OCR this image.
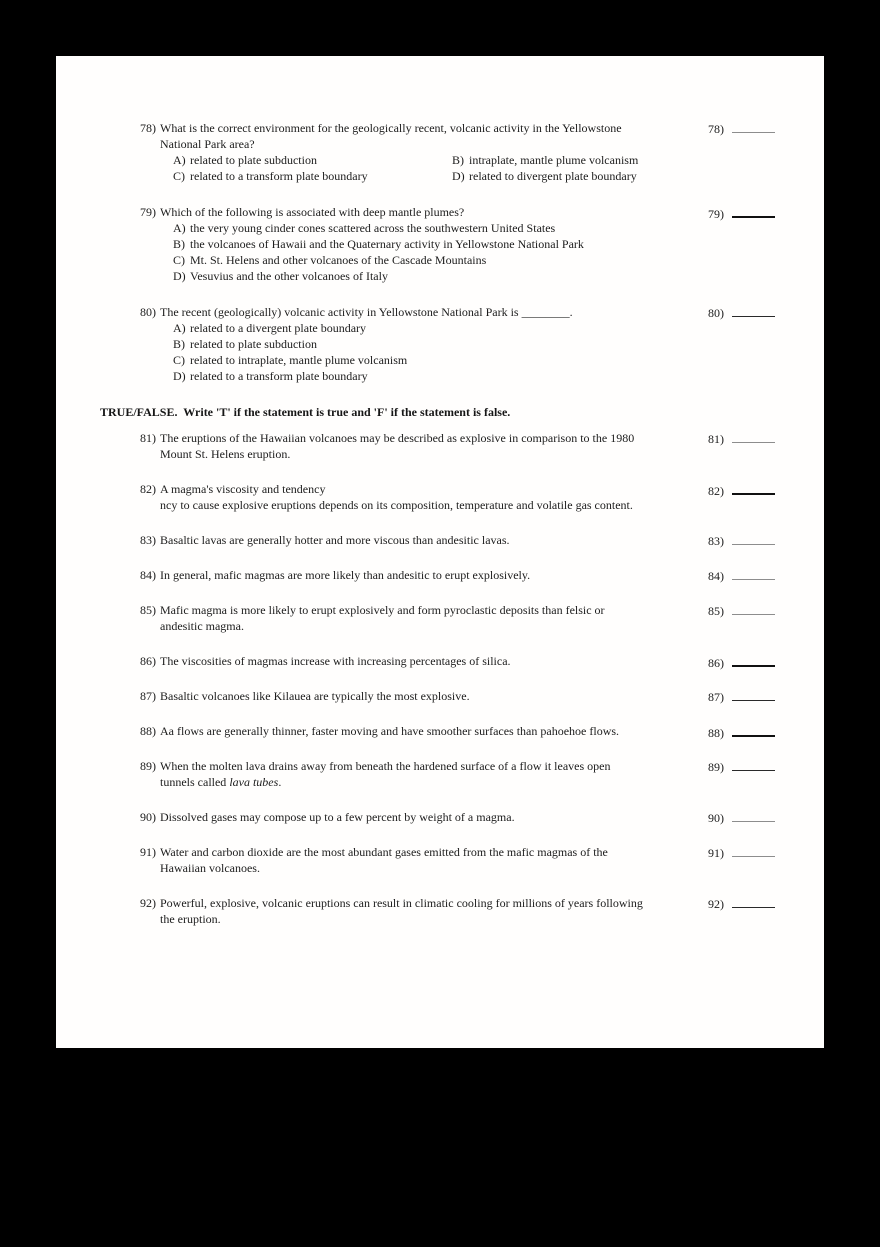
78) What is the correct environment for the geologically recent, volcanic activity in the Yellowstone
National Park area?
A) related to plate subduction	B) intraplate, mantle plume volcanism
C) related to a transform plate boundary	D) related to divergent plate boundary
78)
79) Which of the following is associated with deep mantle plumes?
A) the very young cinder cones scattered across the southwestern United States
B) the volcanoes of Hawaii and the Quaternary activity in Yellowstone National Park
C) Mt. St. Helens and other volcanoes of the Cascade Mountains
D) Vesuvius and the other volcanoes of Italy
79)
80) The recent (geologically) volcanic activity in Yellowstone National Park is ________.
A) related to a divergent plate boundary
B) related to plate subduction
C) related to intraplate, mantle plume volcanism
D) related to a transform plate boundary
80)
TRUE/FALSE.  Write 'T' if the statement is true and 'F' if the statement is false.
81) The eruptions of the Hawaiian volcanoes may be described as explosive in comparison to the 1980
Mount St. Helens eruption.
81)
82) A magma's viscosity and tendency
ncy to cause explosive eruptions depends on its composition, temperature and volatile gas content.
82)
83) Basaltic lavas are generally hotter and more viscous than andesitic lavas.	83)
84) In general, mafic magmas are more likely than andesitic to erupt explosively.	84)
85) Mafic magma is more likely to erupt explosively and form pyroclastic deposits than felsic or
andesitic magma.
85)
86) The viscosities of magmas increase with increasing percentages of silica.	86)
87) Basaltic volcanoes like Kilauea are typically the most explosive.	87)
88) Aa flows are generally thinner, faster moving and have smoother surfaces than pahoehoe flows.	88)
89) When the molten lava drains away from beneath the hardened surface of a flow it leaves open
tunnels called lava tubes.
89)
90) Dissolved gases may compose up to a few percent by weight of a magma.	90)
91) Water and carbon dioxide are the most abundant gases emitted from the mafic magmas of the
Hawaiian volcanoes.
91)
92) Powerful, explosive, volcanic eruptions can result in climatic cooling for millions of years following
the eruption.
92)
